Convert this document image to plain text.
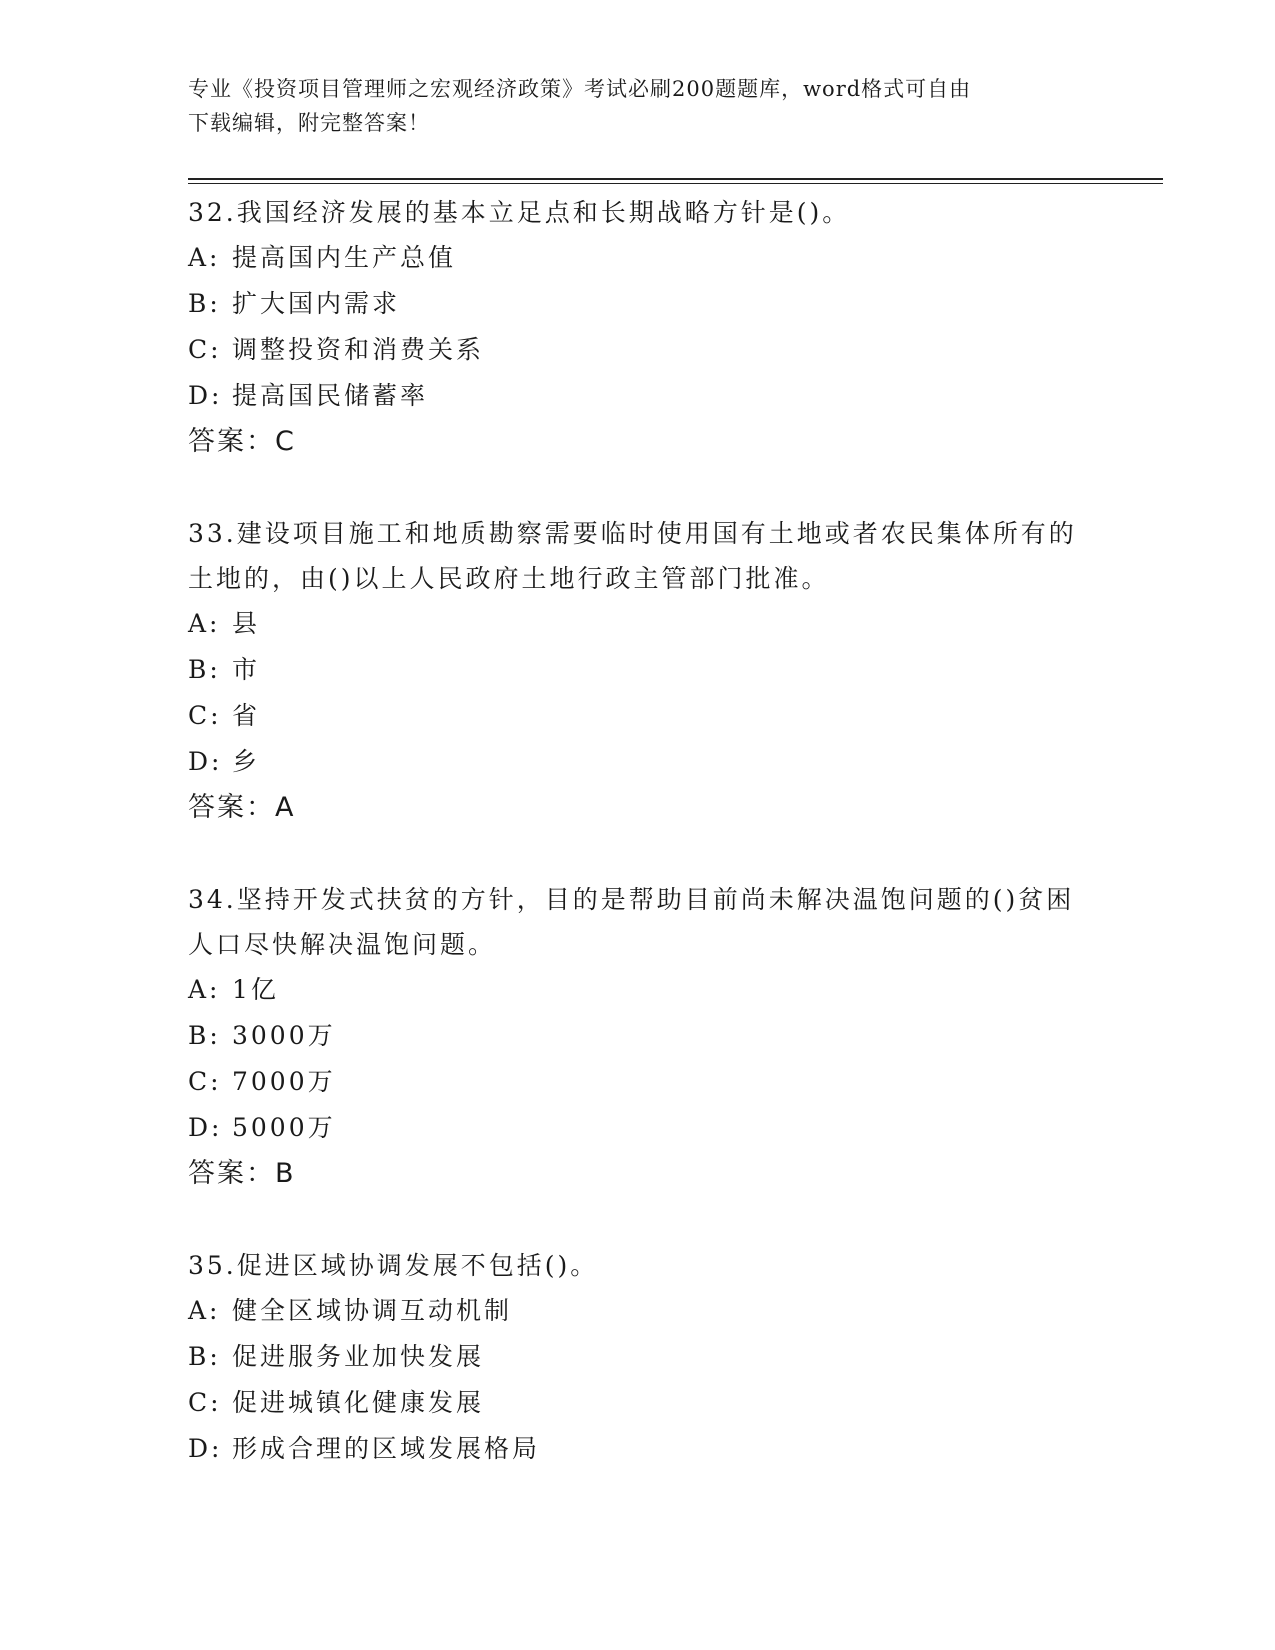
专业《投资项目管理师之宏观经济政策》考试必刷200题题库，word格式可自由
下载编辑，附完整答案！
32.我国经济发展的基本立足点和长期战略方针是()。
A: 提高国内生产总值
B: 扩大国内需求
C: 调整投资和消费关系
D: 提高国民储蓄率
答案：C
33.建设项目施工和地质勘察需要临时使用国有土地或者农民集体所有的土地的，由()以上人民政府土地行政主管部门批准。
A: 县
B: 市
C: 省
D: 乡
答案：A
34.坚持开发式扶贫的方针，目的是帮助目前尚未解决温饱问题的()贫困人口尽快解决温饱问题。
A: 1亿
B: 3000万
C: 7000万
D: 5000万
答案：B
35.促进区域协调发展不包括()。
A: 健全区域协调互动机制
B: 促进服务业加快发展
C: 促进城镇化健康发展
D: 形成合理的区域发展格局
